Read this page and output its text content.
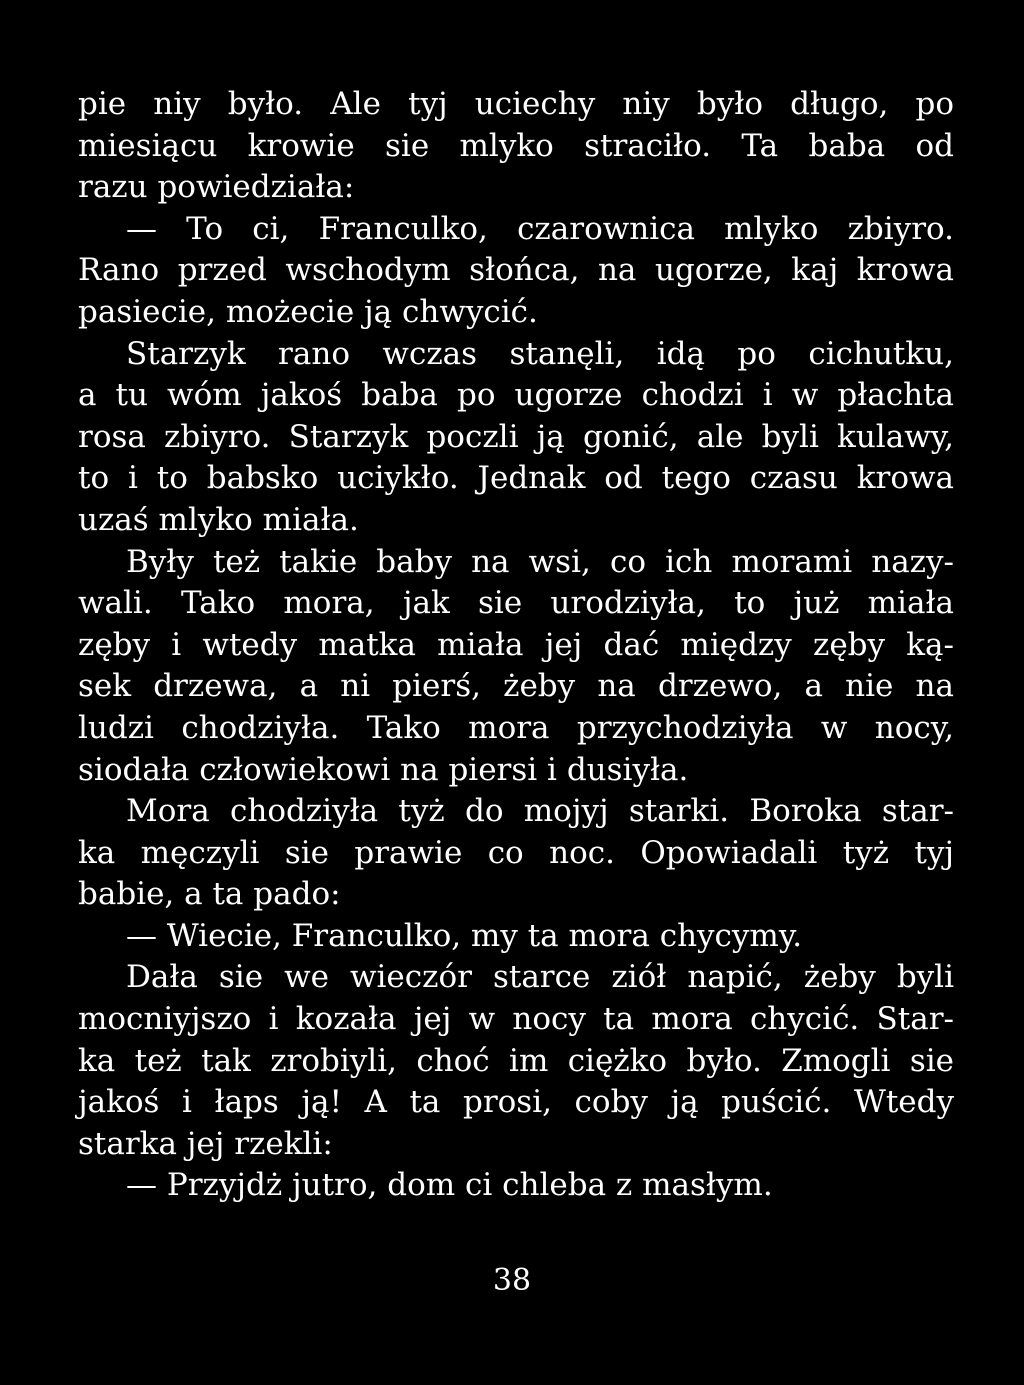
pie niy było. Ale tyj uciechy niy było długo, po
miesiącu krowie sie mlyko straciło. Ta baba od
razu powiedziała:
— To ci, Franculko, czarownica mlyko zbiyro.
Rano przed wschodym słońca, na ugorze, kaj krowa
pasiecie, możecie ją chwycić.
Starzyk rano wczas stanęli, idą po cichutku,
a tu wóm jakoś baba po ugorze chodzi i w płachta
rosa zbiyro. Starzyk poczli ją gonić, ale byli kulawy,
to i to babsko uciykło. Jednak od tego czasu krowa
uzaś mlyko miała.
Były też takie baby na wsi, co ich morami nazy-
wali. Tako mora, jak sie urodziyła, to już miała
zęby i wtedy matka miała jej dać między zęby ką-
sek drzewa, a ni pierś, żeby na drzewo, a nie na
ludzi chodziyła. Tako mora przychodziyła w nocy,
siodała człowiekowi na piersi i dusiyła.
Mora chodziyła tyż do mojyj starki. Boroka star-
ka męczyli sie prawie co noc. Opowiadali tyż tyj
babie, a ta pado:
— Wiecie, Franculko, my ta mora chycymy.
Dała sie we wieczór starce ziół napić, żeby byli
mocniyjszo i kozała jej w nocy ta mora chycić. Star-
ka też tak zrobiyli, choć im ciężko było. Zmogli sie
jakoś i łaps ją! A ta prosi, coby ją puścić. Wtedy
starka jej rzekli:
— Przyjdż jutro, dom ci chleba z masłym.
38
